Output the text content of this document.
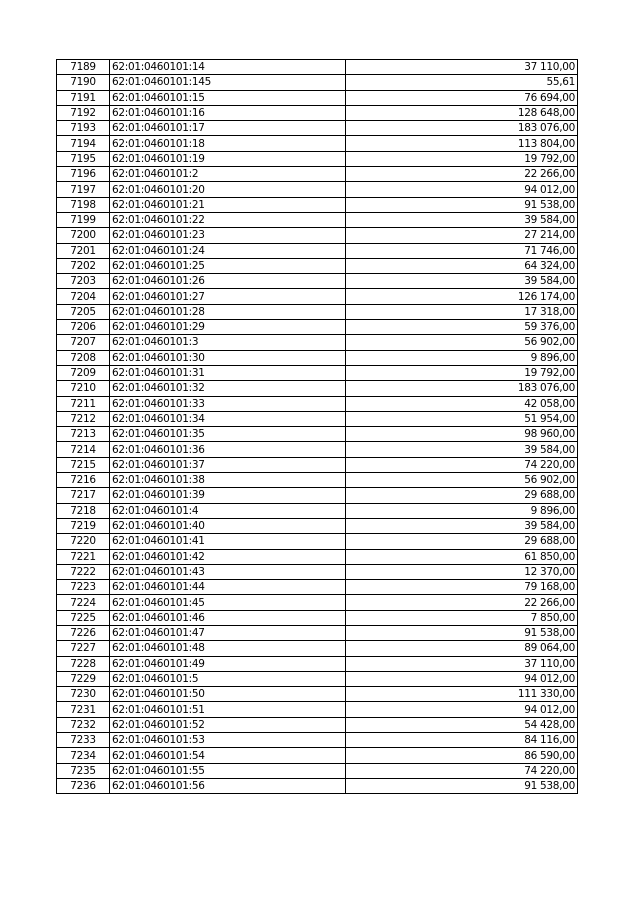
7189	62:01:0460101:14	37 110,00
7190	62:01:0460101:145	55,61
7191	62:01:0460101:15	76 694,00
7192	62:01:0460101:16	128 648,00
7193	62:01:0460101:17	183 076,00
7194	62:01:0460101:18	113 804,00
7195	62:01:0460101:19	19 792,00
7196	62:01:0460101:2	22 266,00
7197	62:01:0460101:20	94 012,00
7198	62:01:0460101:21	91 538,00
7199	62:01:0460101:22	39 584,00
7200	62:01:0460101:23	27 214,00
7201	62:01:0460101:24	71 746,00
7202	62:01:0460101:25	64 324,00
7203	62:01:0460101:26	39 584,00
7204	62:01:0460101:27	126 174,00
7205	62:01:0460101:28	17 318,00
7206	62:01:0460101:29	59 376,00
7207	62:01:0460101:3	56 902,00
7208	62:01:0460101:30	9 896,00
7209	62:01:0460101:31	19 792,00
7210	62:01:0460101:32	183 076,00
7211	62:01:0460101:33	42 058,00
7212	62:01:0460101:34	51 954,00
7213	62:01:0460101:35	98 960,00
7214	62:01:0460101:36	39 584,00
7215	62:01:0460101:37	74 220,00
7216	62:01:0460101:38	56 902,00
7217	62:01:0460101:39	29 688,00
7218	62:01:0460101:4	9 896,00
7219	62:01:0460101:40	39 584,00
7220	62:01:0460101:41	29 688,00
7221	62:01:0460101:42	61 850,00
7222	62:01:0460101:43	12 370,00
7223	62:01:0460101:44	79 168,00
7224	62:01:0460101:45	22 266,00
7225	62:01:0460101:46	7 850,00
7226	62:01:0460101:47	91 538,00
7227	62:01:0460101:48	89 064,00
7228	62:01:0460101:49	37 110,00
7229	62:01:0460101:5	94 012,00
7230	62:01:0460101:50	111 330,00
7231	62:01:0460101:51	94 012,00
7232	62:01:0460101:52	54 428,00
7233	62:01:0460101:53	84 116,00
7234	62:01:0460101:54	86 590,00
7235	62:01:0460101:55	74 220,00
7236	62:01:0460101:56	91 538,00
